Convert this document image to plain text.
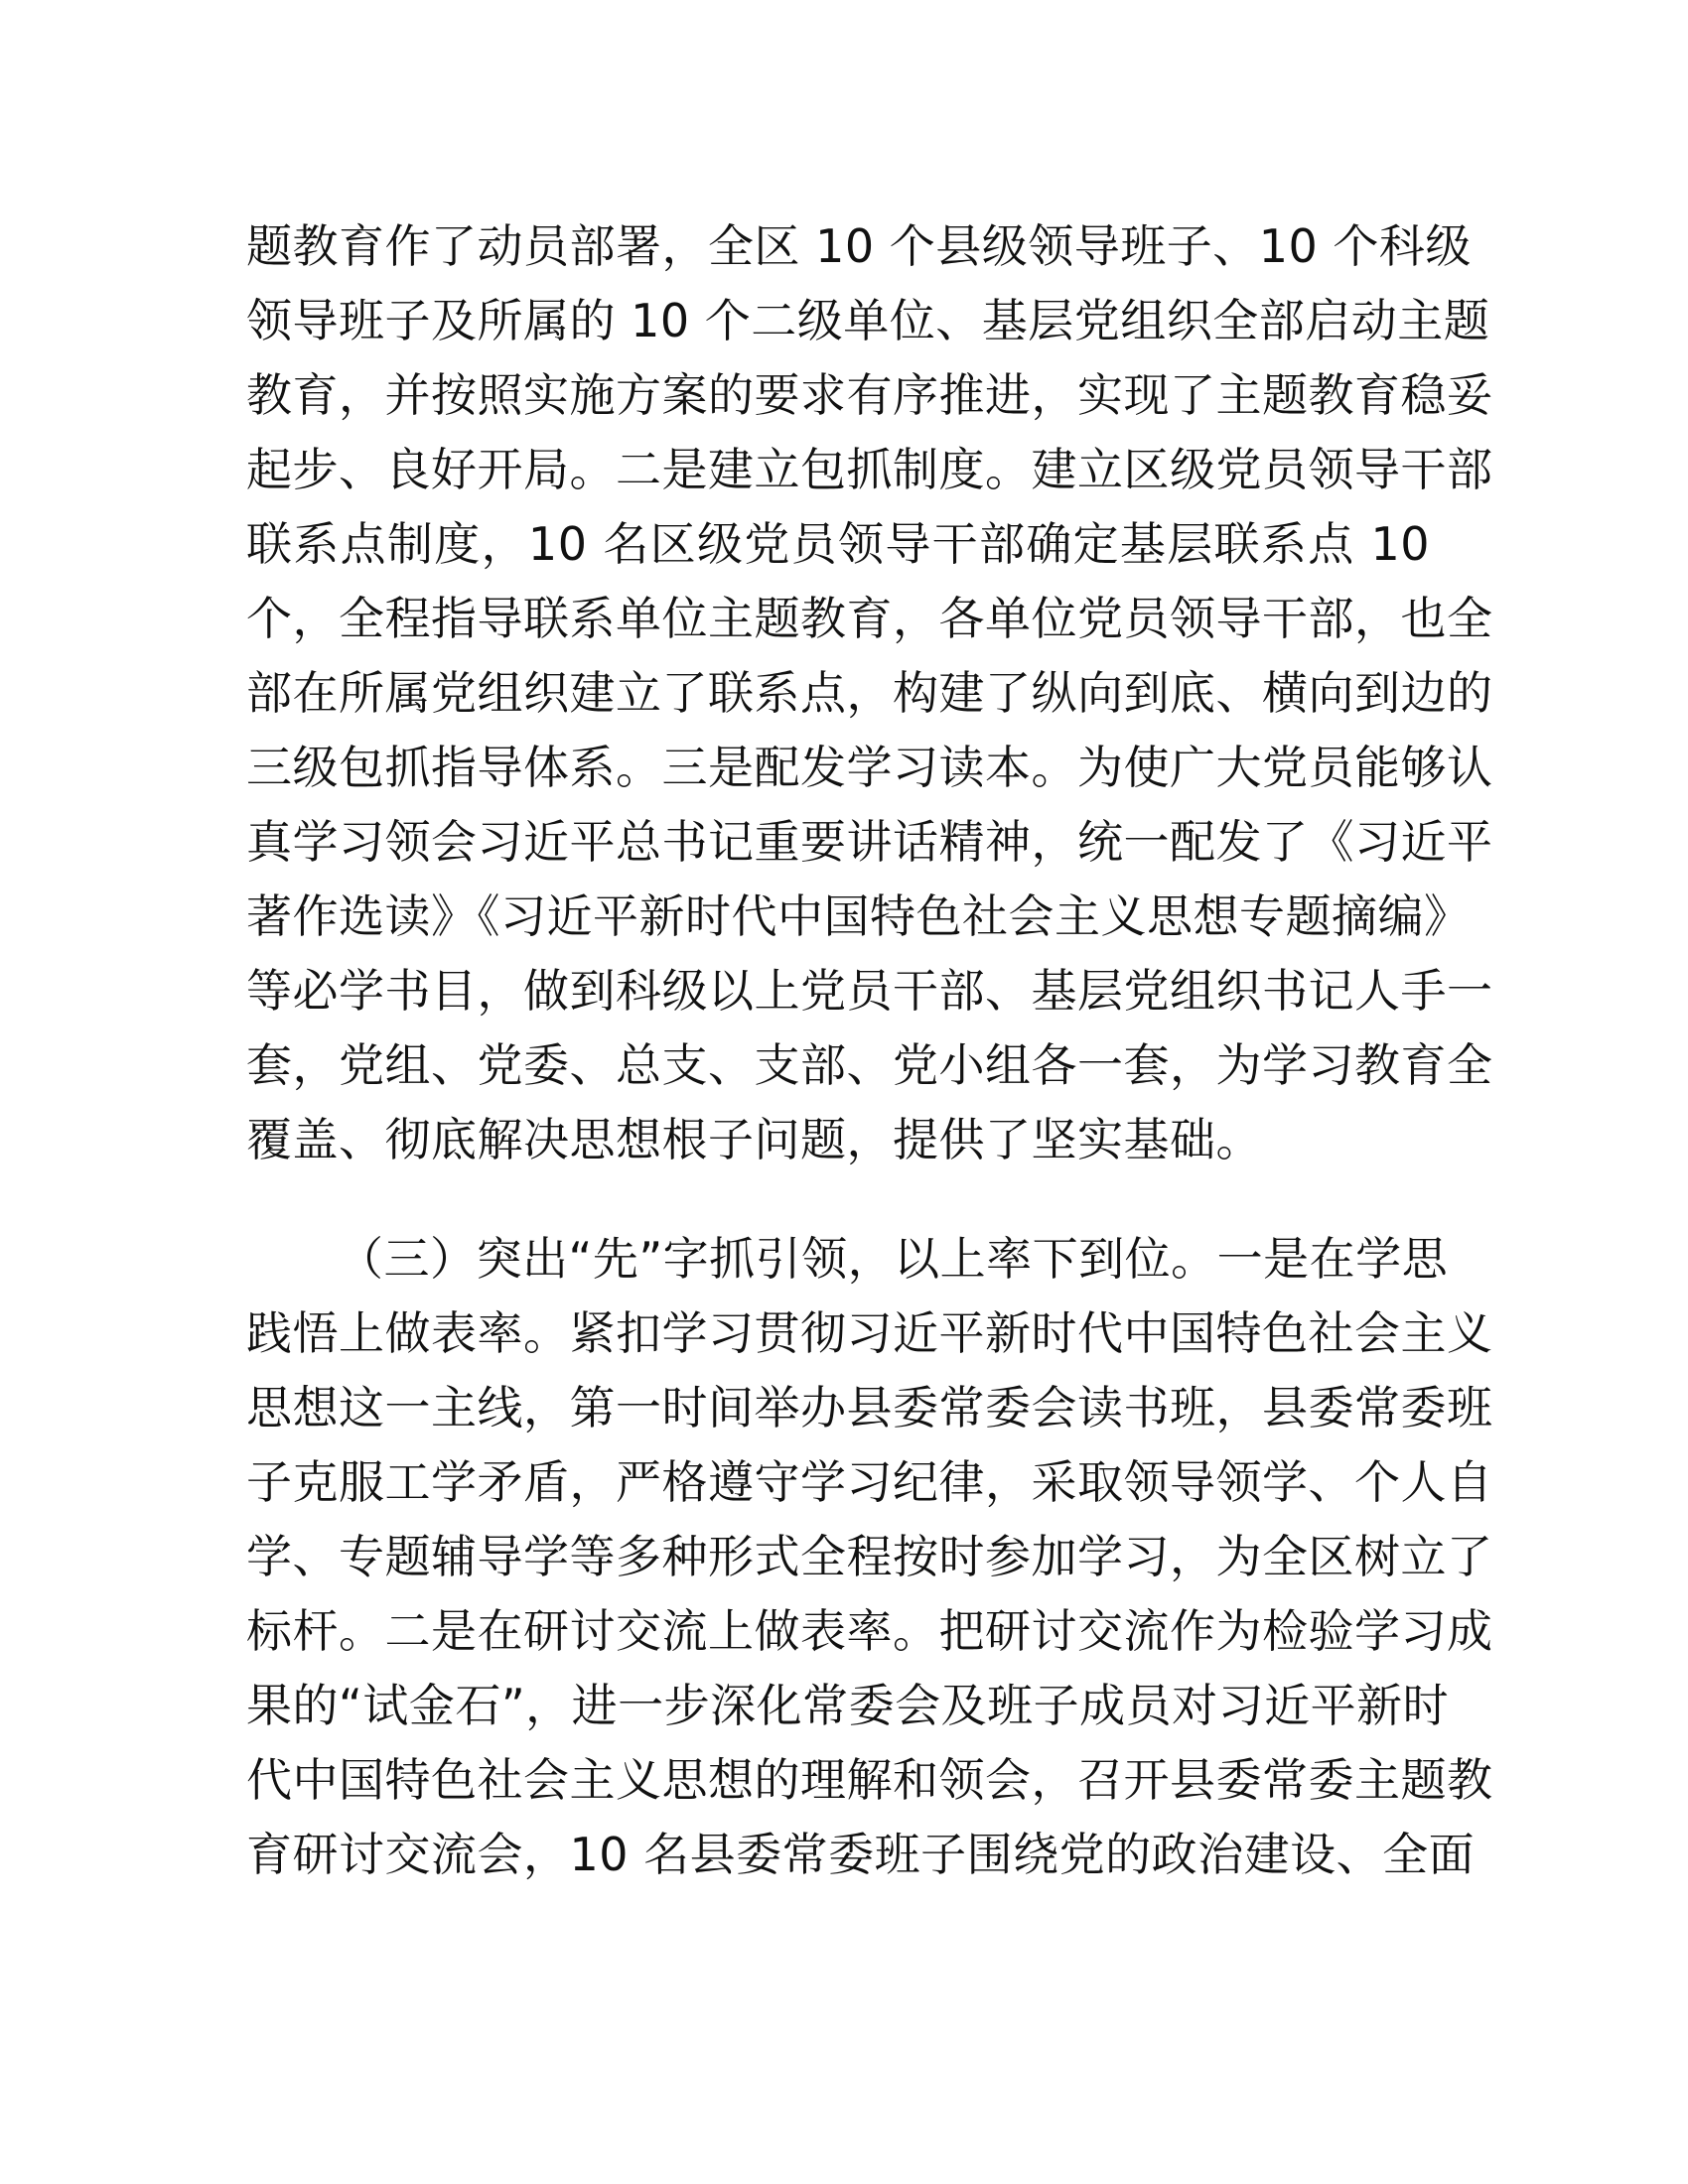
题教育作了动员部署，全区 10 个县级领导班子、10 个科级
领导班子及所属的 10 个二级单位、基层党组织全部启动主题
教育，并按照实施方案的要求有序推进，实现了主题教育稳妥
起步、良好开局。二是建立包抓制度。建立区级党员领导干部
联系点制度，10 名区级党员领导干部确定基层联系点 10
个，全程指导联系单位主题教育，各单位党员领导干部，也全
部在所属党组织建立了联系点，构建了纵向到底、横向到边的
三级包抓指导体系。三是配发学习读本。为使广大党员能够认
真学习领会习近平总书记重要讲话精神，统一配发了《习近平
著作选读》《习近平新时代中国特色社会主义思想专题摘编》
等必学书目，做到科级以上党员干部、基层党组织书记人手一
套，党组、党委、总支、支部、党小组各一套，为学习教育全
覆盖、彻底解决思想根子问题，提供了坚实基础。
（三）突出“先”字抓引领，以上率下到位。一是在学思
践悟上做表率。紧扣学习贯彻习近平新时代中国特色社会主义
思想这一主线，第一时间举办县委常委会读书班，县委常委班
子克服工学矛盾，严格遵守学习纪律，采取领导领学、个人自
学、专题辅导学等多种形式全程按时参加学习，为全区树立了
标杆。二是在研讨交流上做表率。把研讨交流作为检验学习成
果的“试金石”，进一步深化常委会及班子成员对习近平新时
代中国特色社会主义思想的理解和领会，召开县委常委主题教
育研讨交流会，10 名县委常委班子围绕党的政治建设、全面
